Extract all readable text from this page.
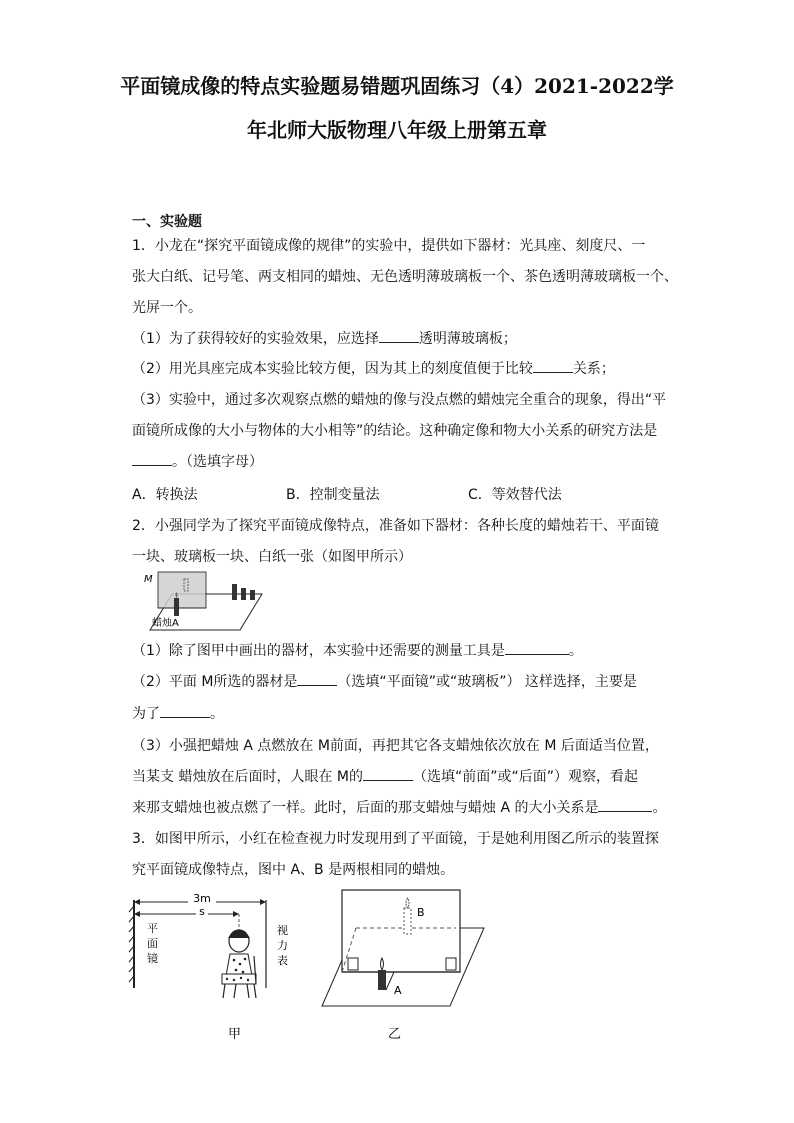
平面镜成像的特点实验题易错题巩固练习（4）2021-2022学
年北师大版物理八年级上册第五章
一、实验题
1．小龙在“探究平面镜成像的规律”的实验中，提供如下器材：光具座、刻度尺、一
张大白纸、记号笔、两支相同的蜡烛、无色透明薄玻璃板一个、茶色透明薄玻璃板一个、
光屏一个。
（1）为了获得较好的实验效果，应选择	透明薄玻璃板；
（2）用光具座完成本实验比较方便，因为其上的刻度值便于比较	关系；
（3）实验中，通过多次观察点燃的蜡烛的像与没点燃的蜡烛完全重合的现象，得出“平
面镜所成像的大小与物体的大小相等”的结论。这种确定像和物大小关系的研究方法是
。（选填字母）
A．转换法	B．控制变量法	C．等效替代法
2．小强同学为了探究平面镜成像特点，准备如下器材：各种长度的蜡烛若干、平面镜
一块、玻璃板一块、白纸一张（如图甲所示）
M
蜡烛A
（1）除了图甲中画出的器材，本实验中还需要的测量工具是	。
（2）平面 M所选的器材是	（选填“平面镜”或“玻璃板”） 这样选择，主要是
为了	。
（3）小强把蜡烛 A 点燃放在 M前面，再把其它各支蜡烛依次放在 M 后面适当位置，
当某支 蜡烛放在后面时，人眼在 M的	（选填“前面”或“后面”）观察，看起
来那支蜡烛也被点燃了一样。此时，后面的那支蜡烛与蜡烛 A 的大小关系是	。
3．如图甲所示，小红在检查视力时发现用到了平面镜，于是她利用图乙所示的装置探
究平面镜成像特点，图中 A、B 是两根相同的蜡烛。
平 面 镜
视 力 表
3m
s
甲
B
A
乙
